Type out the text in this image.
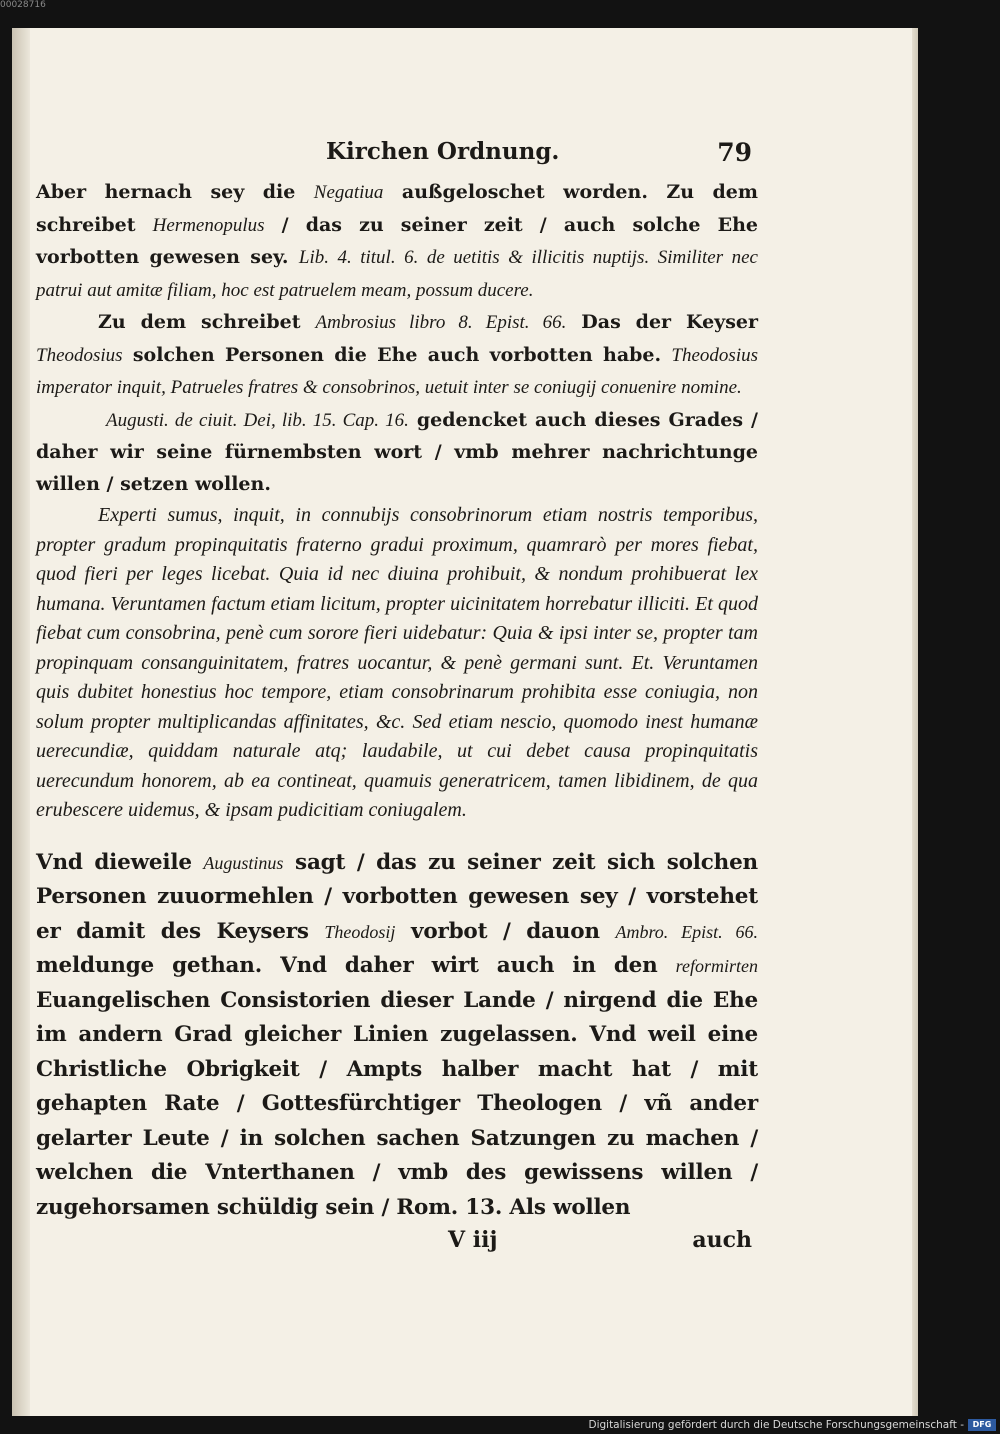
00028716
Kirchen Ordnung.	79

Aber hernach sey die Negatiua außgeloschet worden. Zu dem schreibet Hermenopulus / das zu seiner zeit / auch solche Ehe vorbotten gewesen sey. Lib. 4. titul. 6. de uetitis & illicitis nuptijs. Similiter nec patrui aut amitæ filiam, hoc est patruelem meam, possum ducere.

Zu dem schreibet Ambrosius libro 8. Epist. 66. Das der Keyser Theodosius solchen Personen die Ehe auch vorbotten habe. Theodosius imperator inquit, Patrueles fratres & consobrinos, uetuit inter se coniugij conuenire nomine.

Augusti. de ciuit. Dei, lib. 15. Cap. 16. gedencket auch dieses Grades / daher wir seine fürnembsten wort / vmb mehrer nachrichtunge willen / setzen wollen.

Experti sumus, inquit, in connubijs consobrinorum etiam nostris temporibus, propter gradum propinquitatis fraterno gradui proximum, quamrarò per mores fiebat, quod fieri per leges licebat. Quia id nec diuina prohibuit, & nondum prohibuerat lex humana. Veruntamen factum etiam licitum, propter uicinitatem horrebatur illiciti. Et quod fiebat cum consobrina, penè cum sorore fieri uidebatur: Quia & ipsi inter se, propter tam propinquam consanguinitatem, fratres uocantur, & penè germani sunt. Et. Veruntamen quis dubitet honestius hoc tempore, etiam consobrinarum prohibita esse coniugia, non solum propter multiplicandas affinitates, &c. Sed etiam nescio, quomodo inest humanæ uerecundiæ, quiddam naturale atq; laudabile, ut cui debet causa propinquitatis uerecundum honorem, ab ea contineat, quamuis generatricem, tamen libidinem, de qua erubescere uidemus, & ipsam pudicitiam coniugalem.

Vnd dieweile Augustinus sagt / das zu seiner zeit sich solchen Personen zuuormehlen / vorbotten gewesen sey / vorstehet er damit des Keysers Theodosij vorbot / dauon Ambro. Epist. 66. meldunge gethan. Vnd daher wirt auch in den reformirten Euangelischen Consistorien dieser Lande / nirgend die Ehe im andern Grad gleicher Linien zugelassen. Vnd weil eine Christliche Obrigkeit / Ampts halber macht hat / mit gehapten Rate / Gottesfürchtiger Theologen / vñ ander gelarter Leute / in solchen sachen Satzungen zu machen / welchen die Vnterthanen / vmb des gewissens willen / zugehorsamen schüldig sein / Rom. 13. Als wollen

V iij	auch
Digitalisierung gefördert durch die Deutsche Forschungsgemeinschaft -	DFG
